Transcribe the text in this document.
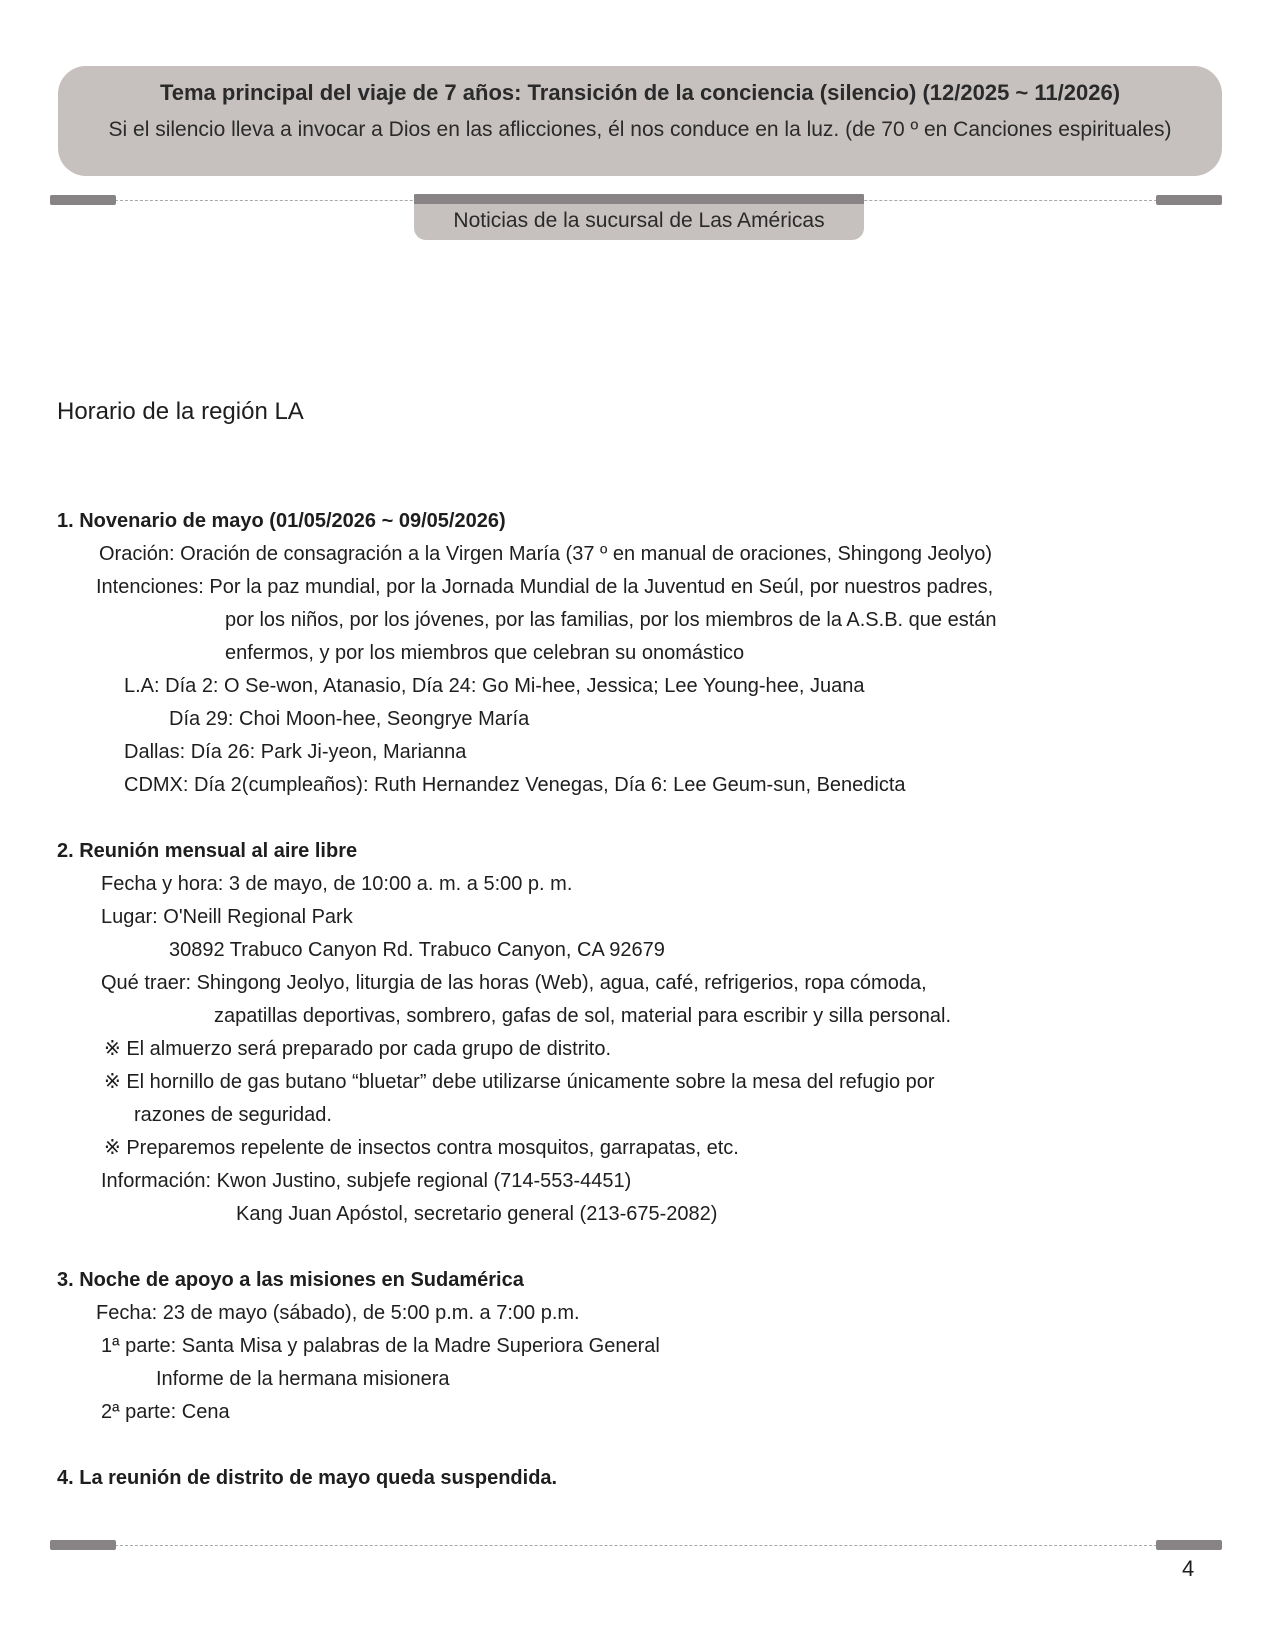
Tema principal del viaje de 7 años: Transición de la conciencia (silencio) (12/2025 ~ 11/2026)
Si el silencio lleva a invocar a Dios en las aflicciones, él nos conduce en la luz. (de 70 º en Canciones espirituales)
Noticias de la sucursal de Las Américas
Horario de la región LA
1. Novenario de mayo (01/05/2026 ~ 09/05/2026)
Oración: Oración de consagración a la Virgen María (37 º en manual de oraciones, Shingong Jeolyo)
Intenciones: Por la paz mundial, por la Jornada Mundial de la Juventud en Seúl, por nuestros padres,
por los niños, por los jóvenes, por las familias, por los miembros de la A.S.B. que están
enfermos, y por los miembros que celebran su onomástico
L.A: Día 2: O Se-won, Atanasio, Día 24: Go Mi-hee, Jessica; Lee Young-hee, Juana
Día 29: Choi Moon-hee, Seongrye María
Dallas: Día 26: Park Ji-yeon, Marianna
CDMX: Día 2(cumpleaños): Ruth Hernandez Venegas, Día 6: Lee Geum-sun, Benedicta
2. Reunión mensual al aire libre
Fecha y hora: 3 de mayo, de 10:00 a. m. a 5:00 p. m.
Lugar: O'Neill Regional Park
30892 Trabuco Canyon Rd. Trabuco Canyon, CA 92679
Qué traer: Shingong Jeolyo, liturgia de las horas (Web), agua, café, refrigerios, ropa cómoda,
zapatillas deportivas, sombrero, gafas de sol, material para escribir y silla personal.
※ El almuerzo será preparado por cada grupo de distrito.
※ El hornillo de gas butano “bluetar” debe utilizarse únicamente sobre la mesa del refugio por
razones de seguridad.
※ Preparemos repelente de insectos contra mosquitos, garrapatas, etc.
Información: Kwon Justino, subjefe regional (714-553-4451)
Kang Juan Apóstol, secretario general (213-675-2082)
3. Noche de apoyo a las misiones en Sudamérica
Fecha: 23 de mayo (sábado), de 5:00 p.m. a 7:00 p.m.
1ª parte: Santa Misa y palabras de la Madre Superiora General
Informe de la hermana misionera
2ª parte: Cena
4. La reunión de distrito de mayo queda suspendida.
4
